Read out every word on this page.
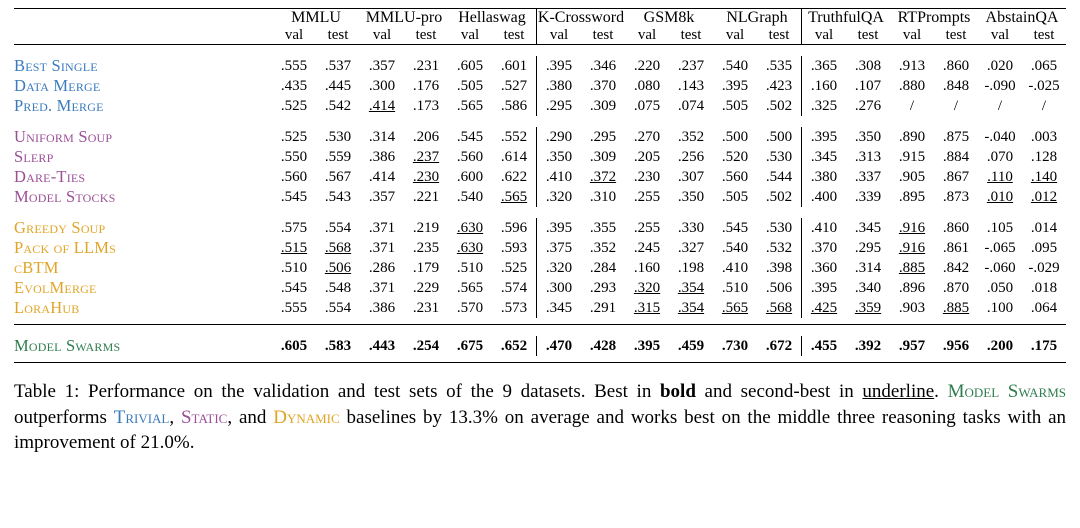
	MMLU		MMLU-pro		Hellaswag		K-Crossword		GSM8k		NLGraph		TruthfulQA		RTPrompts		AbstainQA	
	val	test	val	test	val	test	val	test	val	test	val	test	val	test	val	test	val	test

Best Single	.555	.537	.357	.231	.605	.601	.395	.346	.220	.237	.540	.535	.365	.308	.913	.860	.020	.065
Data Merge	.435	.445	.300	.176	.505	.527	.380	.370	.080	.143	.395	.423	.160	.107	.880	.848	-.090	-.025
Pred. Merge	.525	.542	.414	.173	.565	.586	.295	.309	.075	.074	.505	.502	.325	.276	/	/	/	/

Uniform Soup	.525	.530	.314	.206	.545	.552	.290	.295	.270	.352	.500	.500	.395	.350	.890	.875	-.040	.003
Slerp	.550	.559	.386	.237	.560	.614	.350	.309	.205	.256	.520	.530	.345	.313	.915	.884	.070	.128
Dare-Ties	.560	.567	.414	.230	.600	.622	.410	.372	.230	.307	.560	.544	.380	.337	.905	.867	.110	.140
Model Stocks	.545	.543	.357	.221	.540	.565	.320	.310	.255	.350	.505	.502	.400	.339	.895	.873	.010	.012

Greedy Soup	.575	.554	.371	.219	.630	.596	.395	.355	.255	.330	.545	.530	.410	.345	.916	.860	.105	.014
Pack of LLMs	.515	.568	.371	.235	.630	.593	.375	.352	.245	.327	.540	.532	.370	.295	.916	.861	-.065	.095
cBTM	.510	.506	.286	.179	.510	.525	.320	.284	.160	.198	.410	.398	.360	.314	.885	.842	-.060	-.029
EvolMerge	.545	.548	.371	.229	.565	.574	.300	.293	.320	.354	.510	.506	.395	.340	.896	.870	.050	.018
LoraHub	.555	.554	.386	.231	.570	.573	.345	.291	.315	.354	.565	.568	.425	.359	.903	.885	.100	.064

Model Swarms	.605	.583	.443	.254	.675	.652	.470	.428	.395	.459	.730	.672	.455	.392	.957	.956	.200	.175

Table 1: Performance on the validation and test sets of the 9 datasets. Best in bold and second-best in underline. Model Swarms outperforms Trivial, Static, and Dynamic baselines by 13.3% on average and works best on the middle three reasoning tasks with an improvement of 21.0%.
